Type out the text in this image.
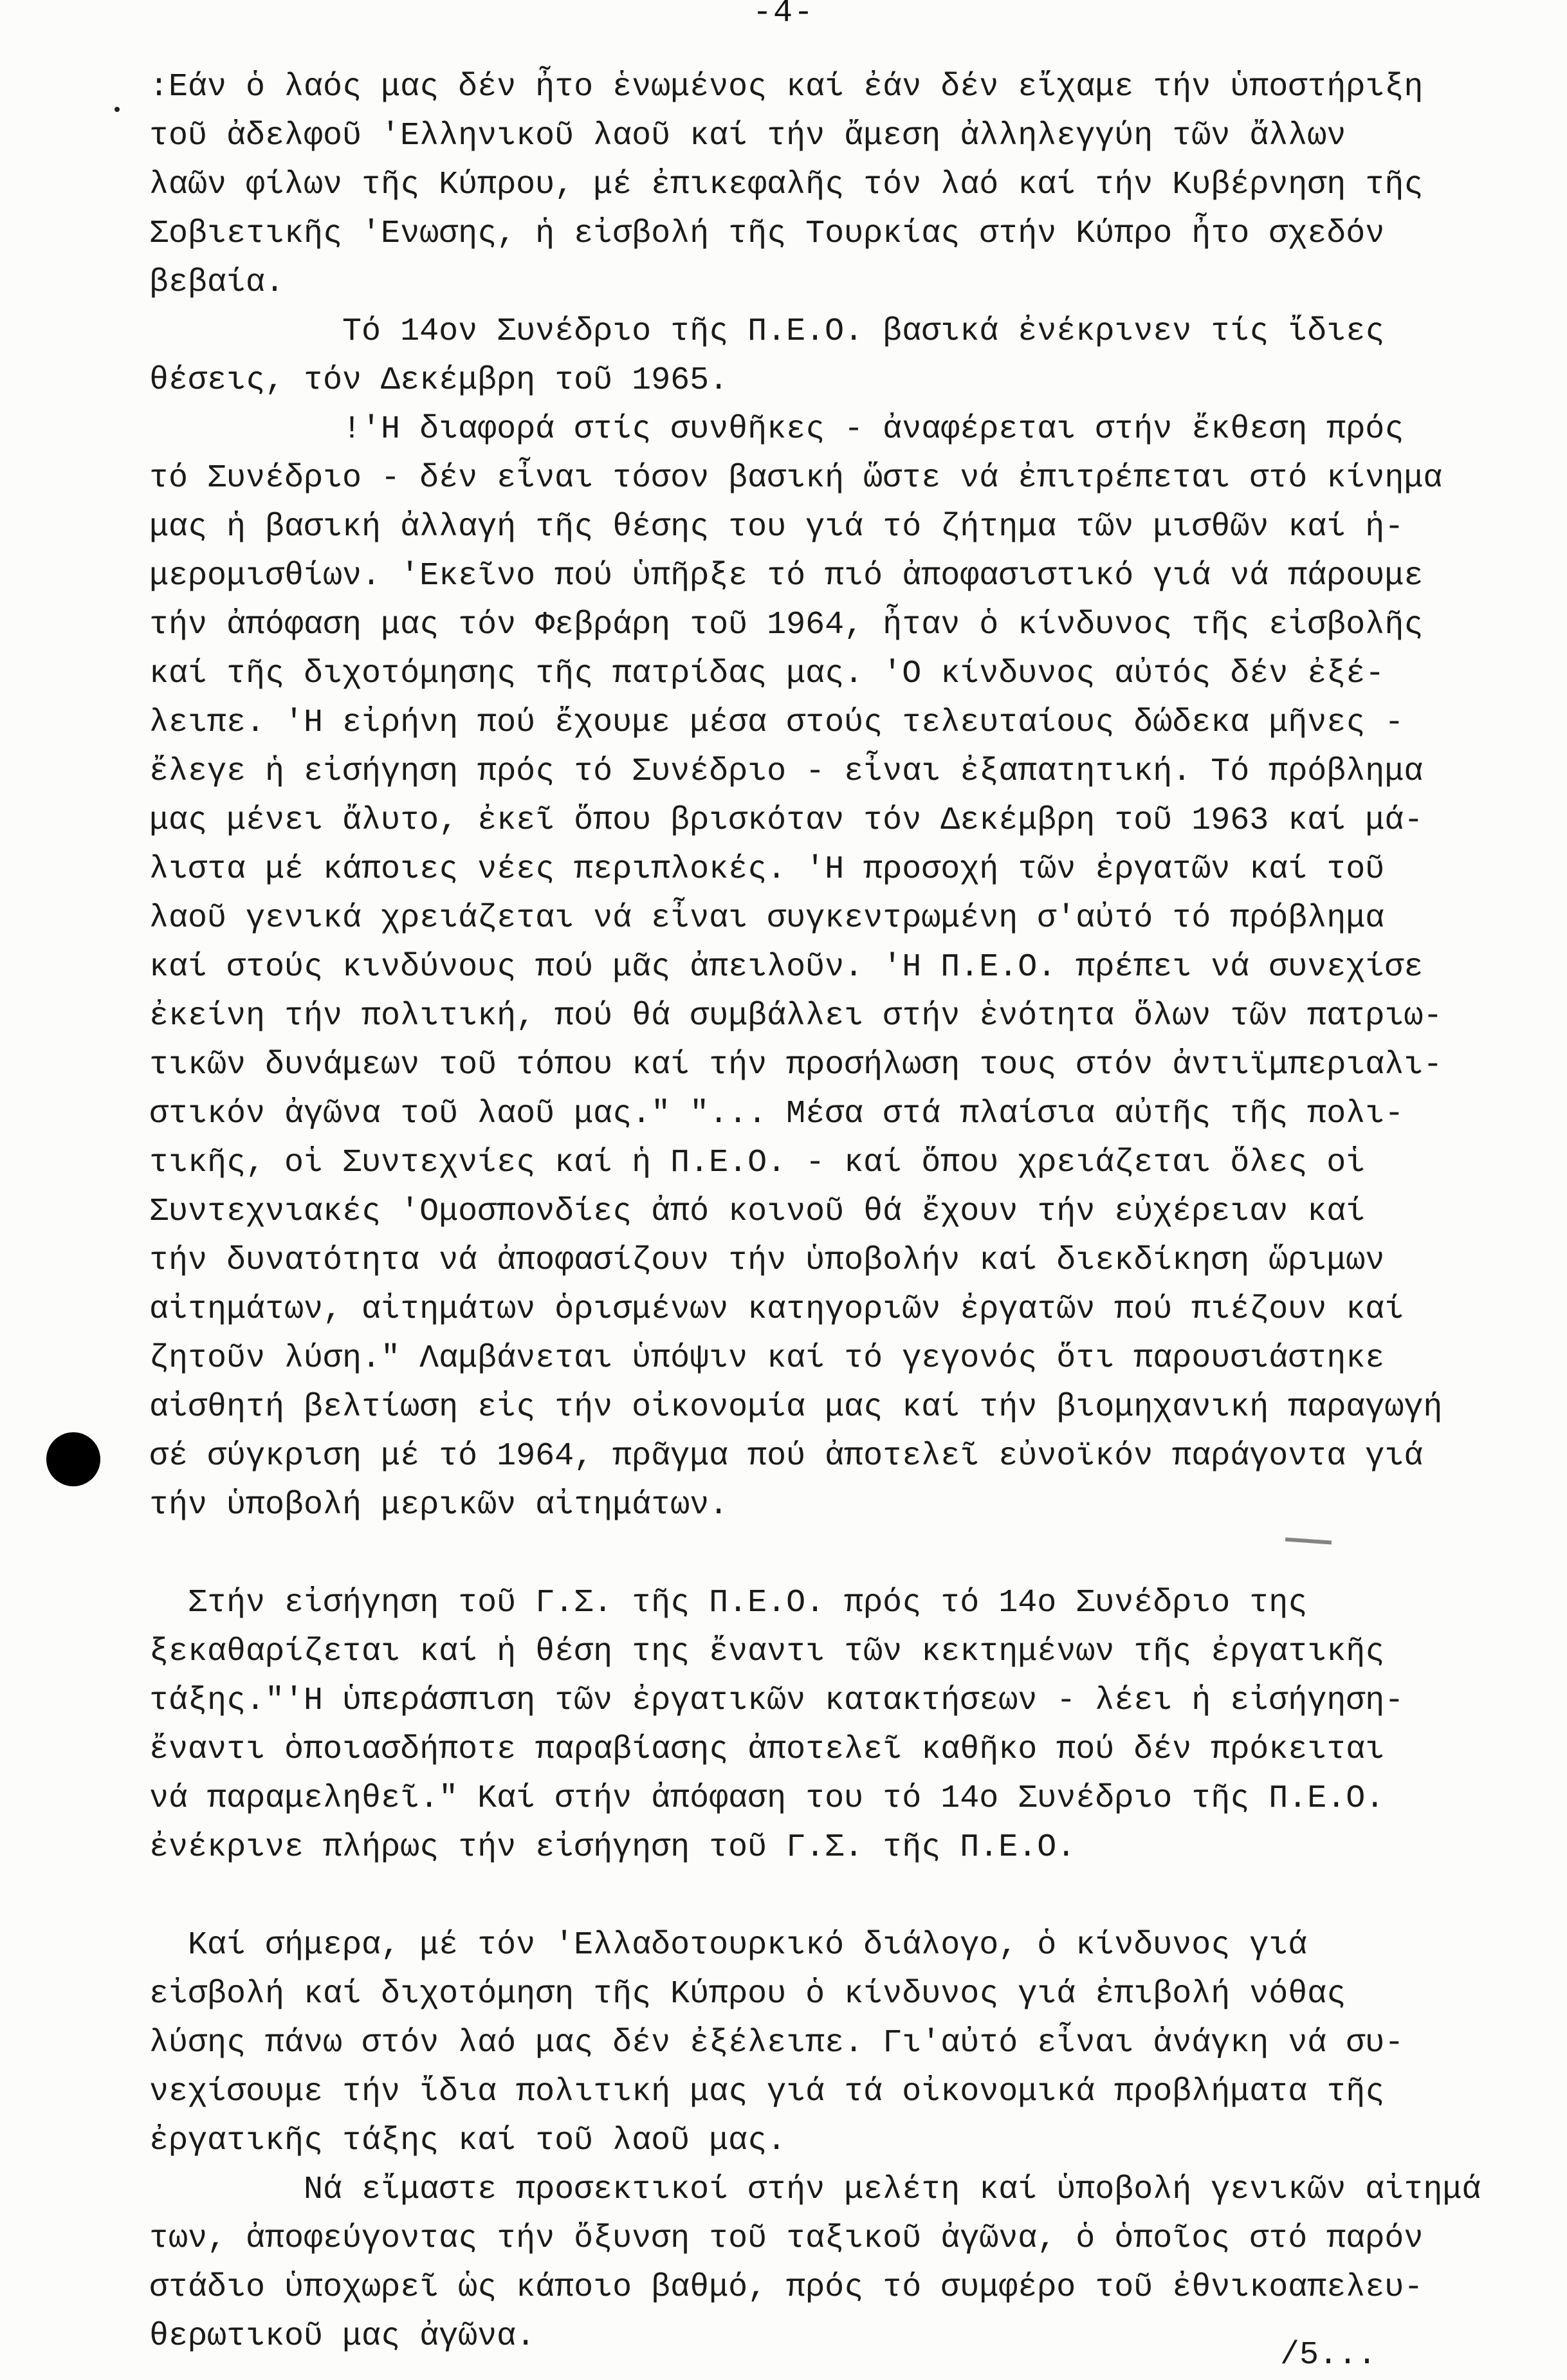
-4-
:Εάν ὁ λαός μας δέν ἦτο ἑνωμένος καί ἐάν δέν εἴχαμε τήν ὑποστήριξη
τοῦ ἀδελφοῦ 'Ελληνικοῦ λαοῦ καί τήν ἄμεση ἀλληλεγγύη τῶν ἄλλων
λαῶν φίλων τῆς Κύπρου, μέ ἐπικεφαλῆς τόν λαό καί τήν Κυβέρνηση τῆς
Σοβιετικῆς 'Ενωσης, ἡ εἰσβολή τῆς Τουρκίας στήν Κύπρο ἦτο σχεδόν
βεβαία.
Τό 14ον Συνέδριο τῆς Π.Ε.Ο. βασικά ἐνέκρινεν τίς ἴδιες
θέσεις, τόν Δεκέμβρη τοῦ 1965.
!'Η διαφορά στίς συνθῆκες - ἀναφέρεται στήν ἔκθεση πρός
τό Συνέδριο - δέν εἶναι τόσον βασική ὥστε νά ἐπιτρέπεται στό κίνημα
μας ἡ βασική ἀλλαγή τῆς θέσης του γιά τό ζήτημα τῶν μισθῶν καί ἡ-
μερομισθίων. 'Εκεῖνο πού ὑπῆρξε τό πιό ἀποφασιστικό γιά νά πάρουμε
τήν ἀπόφαση μας τόν Φεβράρη τοῦ 1964, ἦταν ὁ κίνδυνος τῆς εἰσβολῆς
καί τῆς διχοτόμησης τῆς πατρίδας μας. 'Ο κίνδυνος αὐτός δέν ἐξέ-
λειπε. 'Η εἰρήνη πού ἔχουμε μέσα στούς τελευταίους δώδεκα μῆνες -
ἔλεγε ἡ εἰσήγηση πρός τό Συνέδριο - εἶναι ἐξαπατητική. Τό πρόβλημα
μας μένει ἄλυτο, ἐκεῖ ὅπου βρισκόταν τόν Δεκέμβρη τοῦ 1963 καί μά-
λιστα μέ κάποιες νέες περιπλοκές. 'Η προσοχή τῶν ἐργατῶν καί τοῦ
λαοῦ γενικά χρειάζεται νά εἶναι συγκεντρωμένη σ'αὐτό τό πρόβλημα
καί στούς κινδύνους πού μᾶς ἀπειλοῦν. 'Η Π.Ε.Ο. πρέπει νά συνεχίσε
ἐκείνη τήν πολιτική, πού θά συμβάλλει στήν ἑνότητα ὅλων τῶν πατριω-
τικῶν δυνάμεων τοῦ τόπου καί τήν προσήλωση τους στόν ἀντιϊμπεριαλι-
στικόν ἀγῶνα τοῦ λαοῦ μας." "... Μέσα στά πλαίσια αὐτῆς τῆς πολι-
τικῆς, οἱ Συντεχνίες καί ἡ Π.Ε.Ο. - καί ὅπου χρειάζεται ὅλες οἱ
Συντεχνιακές 'Ομοσπονδίες ἀπό κοινοῦ θά ἔχουν τήν εὐχέρειαν καί
τήν δυνατότητα νά ἀποφασίζουν τήν ὑποβολήν καί διεκδίκηση ὥριμων
αἰτημάτων, αἰτημάτων ὁρισμένων κατηγοριῶν ἐργατῶν πού πιέζουν καί
ζητοῦν λύση." Λαμβάνεται ὑπόψιν καί τό γεγονός ὅτι παρουσιάστηκε
αἰσθητή βελτίωση εἰς τήν οἰκονομία μας καί τήν βιομηχανική παραγωγή
σέ σύγκριση μέ τό 1964, πρᾶγμα πού ἀποτελεῖ εὐνοϊκόν παράγοντα γιά
τήν ὑποβολή μερικῶν αἰτημάτων.
Στήν εἰσήγηση τοῦ Γ.Σ. τῆς Π.Ε.Ο. πρός τό 14ο Συνέδριο της
ξεκαθαρίζεται καί ἡ θέση της ἔναντι τῶν κεκτημένων τῆς ἐργατικῆς
τάξης."'Η ὑπεράσπιση τῶν ἐργατικῶν κατακτήσεων - λέει ἡ εἰσήγηση-
ἔναντι ὁποιασδήποτε παραβίασης ἀποτελεῖ καθῆκο πού δέν πρόκειται
νά παραμεληθεῖ." Καί στήν ἀπόφαση του τό 14ο Συνέδριο τῆς Π.Ε.Ο.
ἐνέκρινε πλήρως τήν εἰσήγηση τοῦ Γ.Σ. τῆς Π.Ε.Ο.
Καί σήμερα, μέ τόν 'Ελλαδοτουρκικό διάλογο, ὁ κίνδυνος γιά
εἰσβολή καί διχοτόμηση τῆς Κύπρου ὁ κίνδυνος γιά ἐπιβολή νόθας
λύσης πάνω στόν λαό μας δέν ἐξέλειπε. Γι'αὐτό εἶναι ἀνάγκη νά συ-
νεχίσουμε τήν ἴδια πολιτική μας γιά τά οἰκονομικά προβλήματα τῆς
ἐργατικῆς τάξης καί τοῦ λαοῦ μας.
Νά εἴμαστε προσεκτικοί στήν μελέτη καί ὑποβολή γενικῶν αἰτημά
των, ἀποφεύγοντας τήν ὄξυνση τοῦ ταξικοῦ ἀγῶνα, ὁ ὁποῖος στό παρόν
στάδιο ὑποχωρεῖ ὡς κάποιο βαθμό, πρός τό συμφέρο τοῦ ἐθνικοαπελευ-
θερωτικοῦ μας ἀγῶνα.
/5...
